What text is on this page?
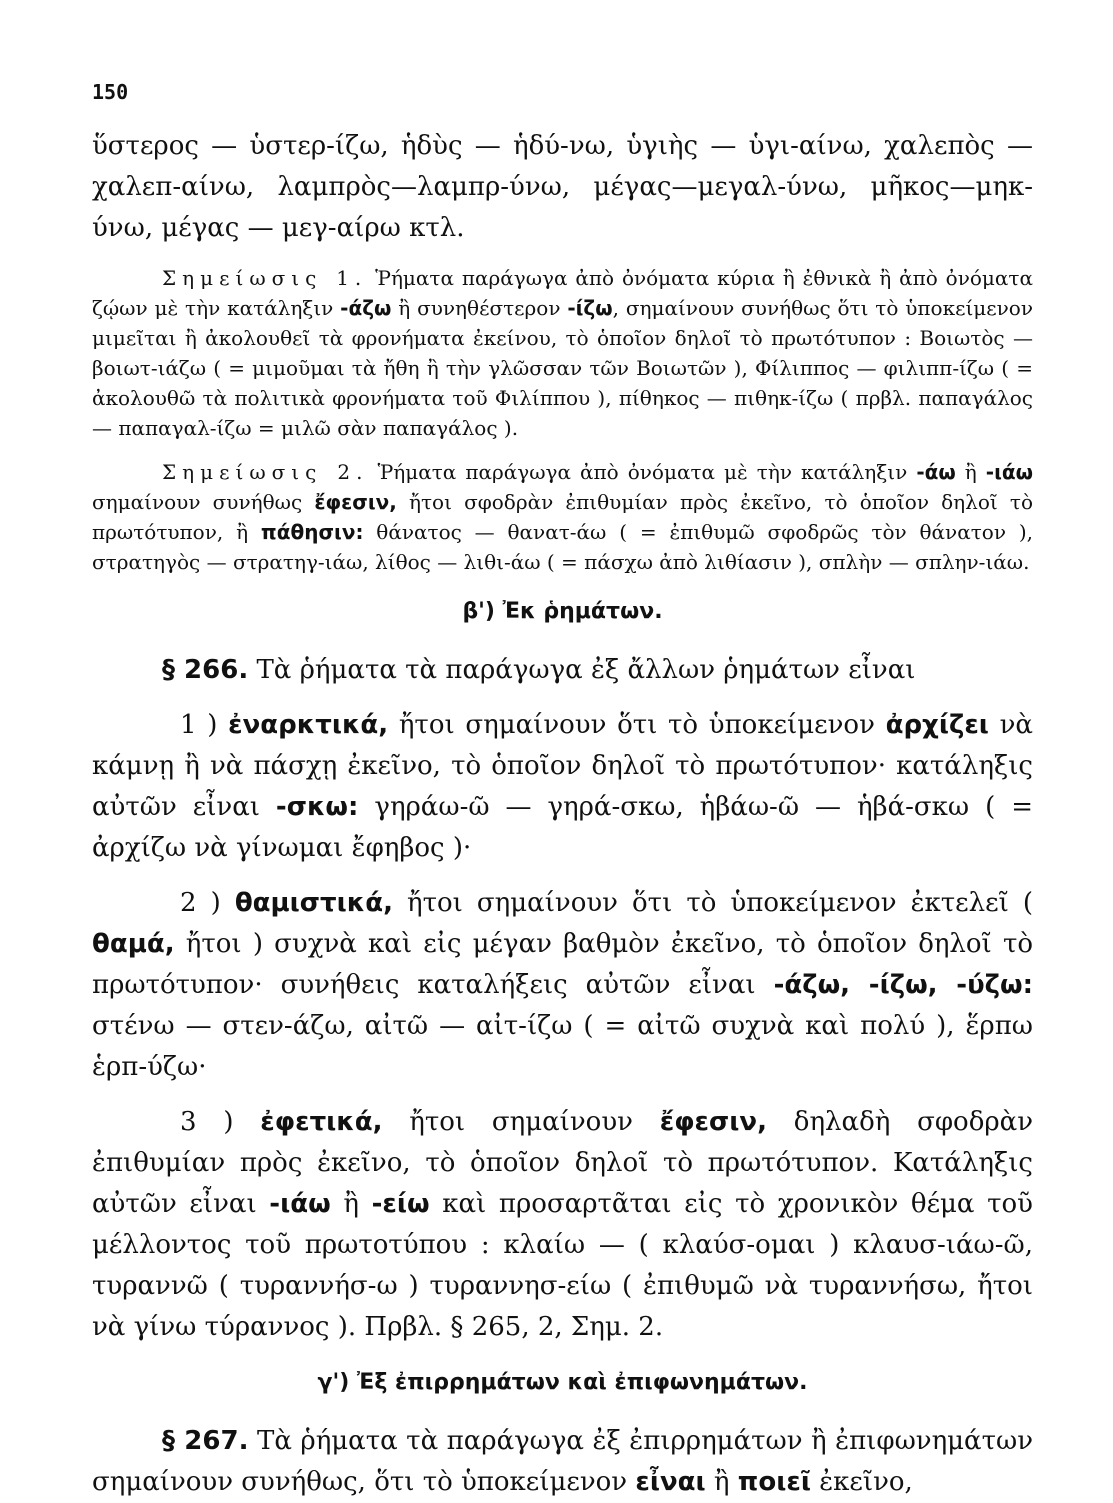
150

ὕστερος — ὑστερ-ίζω, ἡδὺς — ἡδύ-νω, ὑγιὴς — ὑγι-αίνω, χαλεπὸς — χαλεπ-αίνω, λαμπρὸς—λαμπρ-ύνω, μέγας—μεγαλ-ύνω, μῆκος—μηκ-ύνω, μέγας — μεγ-αίρω κτλ.

Σημείωσις 1. Ῥήματα παράγωγα ἀπὸ ὀνόματα κύρια ἢ ἐθνικὰ ἢ ἀπὸ ὀνόματα ζῴων μὲ τὴν κατάληξιν -άζω ἢ συνηθέστερον -ίζω, σημαίνουν συνήθως ὅτι τὸ ὑποκείμενον μιμεῖται ἢ ἀκολουθεῖ τὰ φρονήματα ἐκείνου, τὸ ὁποῖον δηλοῖ τὸ πρωτότυπον : Βοιωτὸς — βοιωτ-ιάζω ( = μιμοῦμαι τὰ ἤθη ἢ τὴν γλῶσσαν τῶν Βοιωτῶν ), Φίλιππος — φιλιππ-ίζω ( = ἀκολουθῶ τὰ πολιτικὰ φρονήματα τοῦ Φιλίππου ), πίθηκος — πιθηκ-ίζω ( πρβλ. παπαγάλος — παπαγαλ-ίζω = μιλῶ σὰν παπαγάλος ).

Σημείωσις 2. Ῥήματα παράγωγα ἀπὸ ὀνόματα μὲ τὴν κατάληξιν -άω ἢ -ιάω σημαίνουν συνήθως ἔφεσιν, ἤτοι σφοδρὰν ἐπιθυμίαν πρὸς ἐκεῖνο, τὸ ὁποῖον δηλοῖ τὸ πρωτότυπον, ἢ πάθησιν: θάνατος — θανατ-άω ( = ἐπιθυμῶ σφοδρῶς τὸν θάνατον ), στρατηγὸς — στρατηγ-ιάω, λίθος — λιθι-άω ( = πάσχω ἀπὸ λιθίασιν ), σπλὴν — σπλην-ιάω.

β') Ἐκ ῥημάτων.

§ 266. Τὰ ῥήματα τὰ παράγωγα ἐξ ἄλλων ῥημάτων εἶναι

1 ) ἐναρκτικά, ἤτοι σημαίνουν ὅτι τὸ ὑποκείμενον ἀρχίζει νὰ κάμνῃ ἢ νὰ πάσχῃ ἐκεῖνο, τὸ ὁποῖον δηλοῖ τὸ πρωτότυπον· κατάληξις αὐτῶν εἶναι -σκω: γηράω-ῶ — γηρά-σκω, ἡβάω-ῶ — ἡβά-σκω ( = ἀρχίζω νὰ γίνωμαι ἔφηβος )·

2 ) θαμιστικά, ἤτοι σημαίνουν ὅτι τὸ ὑποκείμενον ἐκτελεῖ ( θαμά, ἤτοι ) συχνὰ καὶ εἰς μέγαν βαθμὸν ἐκεῖνο, τὸ ὁποῖον δηλοῖ τὸ πρωτότυπον· συνήθεις καταλήξεις αὐτῶν εἶναι -άζω, -ίζω, -ύζω: στένω — στεν-άζω, αἰτῶ — αἰτ-ίζω ( = αἰτῶ συχνὰ καὶ πολύ ), ἕρπω ἑρπ-ύζω·

3 ) ἐφετικά, ἤτοι σημαίνουν ἔφεσιν, δηλαδὴ σφοδρὰν ἐπιθυμίαν πρὸς ἐκεῖνο, τὸ ὁποῖον δηλοῖ τὸ πρωτότυπον. Κατάληξις αὐτῶν εἶναι -ιάω ἢ -είω καὶ προσαρτᾶται εἰς τὸ χρονικὸν θέμα τοῦ μέλλοντος τοῦ πρωτοτύπου : κλαίω — ( κλαύσ-ομαι ) κλαυσ-ιάω-ῶ, τυραννῶ ( τυραννήσ-ω ) τυραννησ-είω ( ἐπιθυμῶ νὰ τυραννήσω, ἤτοι νὰ γίνω τύραννος ). Πρβλ. § 265, 2, Σημ. 2.

γ') Ἐξ ἐπιρρημάτων καὶ ἐπιφωνημάτων.

§ 267. Τὰ ῥήματα τὰ παράγωγα ἐξ ἐπιρρημάτων ἢ ἐπιφωνημάτων σημαίνουν συνήθως, ὅτι τὸ ὑποκείμενον εἶναι ἢ ποιεῖ ἐκεῖνο,
